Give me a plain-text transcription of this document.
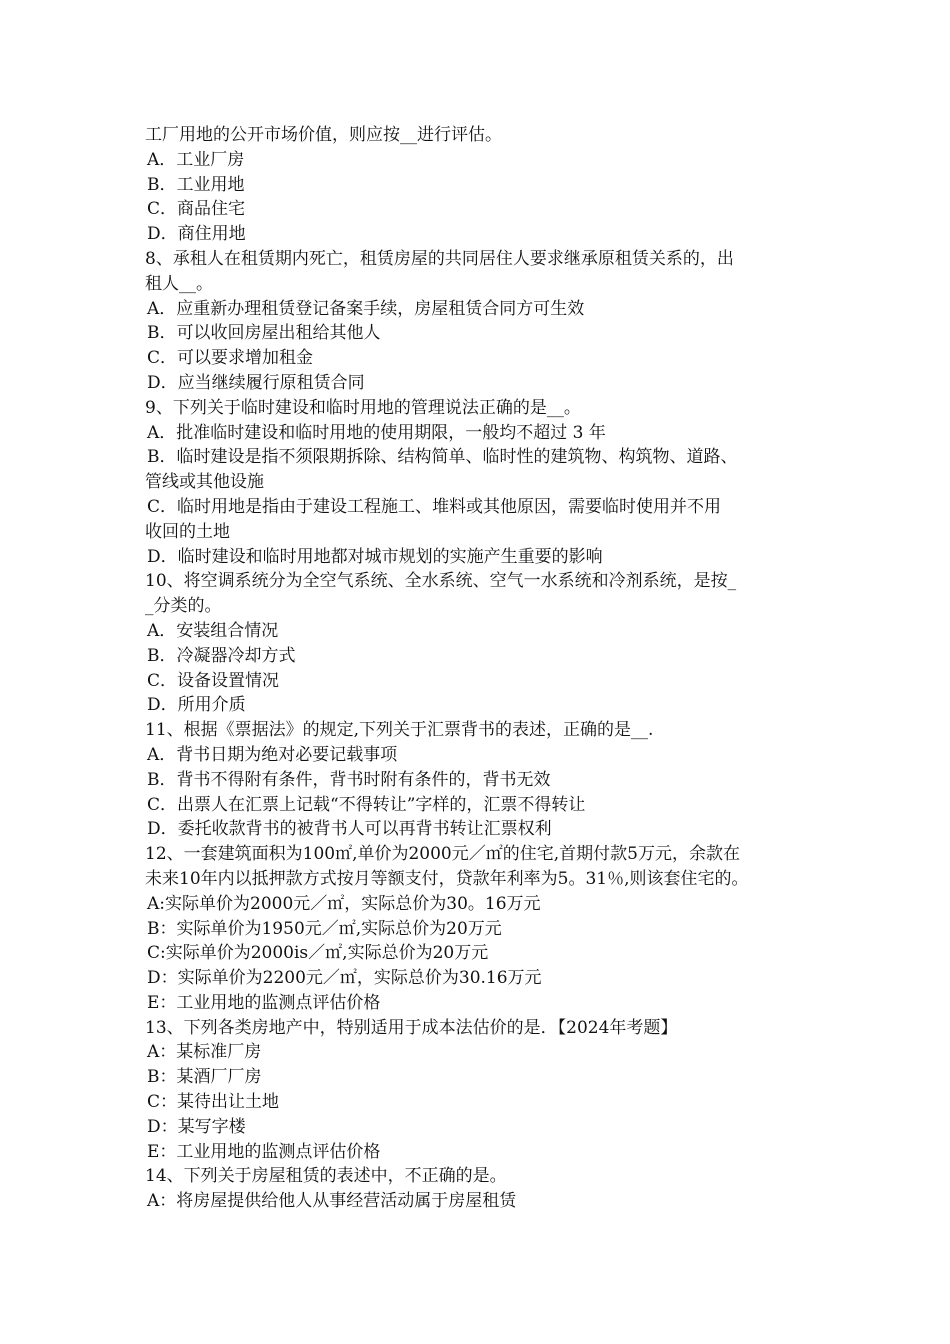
工厂用地的公开市场价值，则应按__进行评估。
A．工业厂房
B．工业用地
C．商品住宅
D．商住用地
8、承租人在租赁期内死亡，租赁房屋的共同居住人要求继承原租赁关系的，出
租人__。
A．应重新办理租赁登记备案手续，房屋租赁合同方可生效
B．可以收回房屋出租给其他人
C．可以要求增加租金
D．应当继续履行原租赁合同
9、下列关于临时建设和临时用地的管理说法正确的是__。
A．批准临时建设和临时用地的使用期限，一般均不超过 3 年
B．临时建设是指不须限期拆除、结构简单、临时性的建筑物、构筑物、道路、
管线或其他设施
C．临时用地是指由于建设工程施工、堆料或其他原因，需要临时使用并不用
收回的土地
D．临时建设和临时用地都对城市规划的实施产生重要的影响
10、将空调系统分为全空气系统、全水系统、空气一水系统和冷剂系统，是按_
_分类的。
A．安装组合情况
B．冷凝器冷却方式
C．设备设置情况
D．所用介质
11、根据《票据法》的规定,下列关于汇票背书的表述，正确的是__.
A．背书日期为绝对必要记载事项
B．背书不得附有条件，背书时附有条件的，背书无效
C．出票人在汇票上记载“不得转让”字样的，汇票不得转让
D．委托收款背书的被背书人可以再背书转让汇票权利
12、一套建筑面积为100㎡,单价为2000元／㎡的住宅,首期付款5万元，余款在
未来10年内以抵押款方式按月等额支付，贷款年利率为5。31％,则该套住宅的。
A:实际单价为2000元／㎡，实际总价为30。16万元
B：实际单价为1950元／㎡,实际总价为20万元
C:实际单价为2000is／㎡,实际总价为20万元
D：实际单价为2200元／㎡，实际总价为30.16万元
E：工业用地的监测点评估价格
13、下列各类房地产中，特别适用于成本法估价的是．【2024年考题】
A：某标准厂房
B：某酒厂厂房
C：某待出让土地
D：某写字楼
E：工业用地的监测点评估价格
14、下列关于房屋租赁的表述中，不正确的是。
A：将房屋提供给他人从事经营活动属于房屋租赁
